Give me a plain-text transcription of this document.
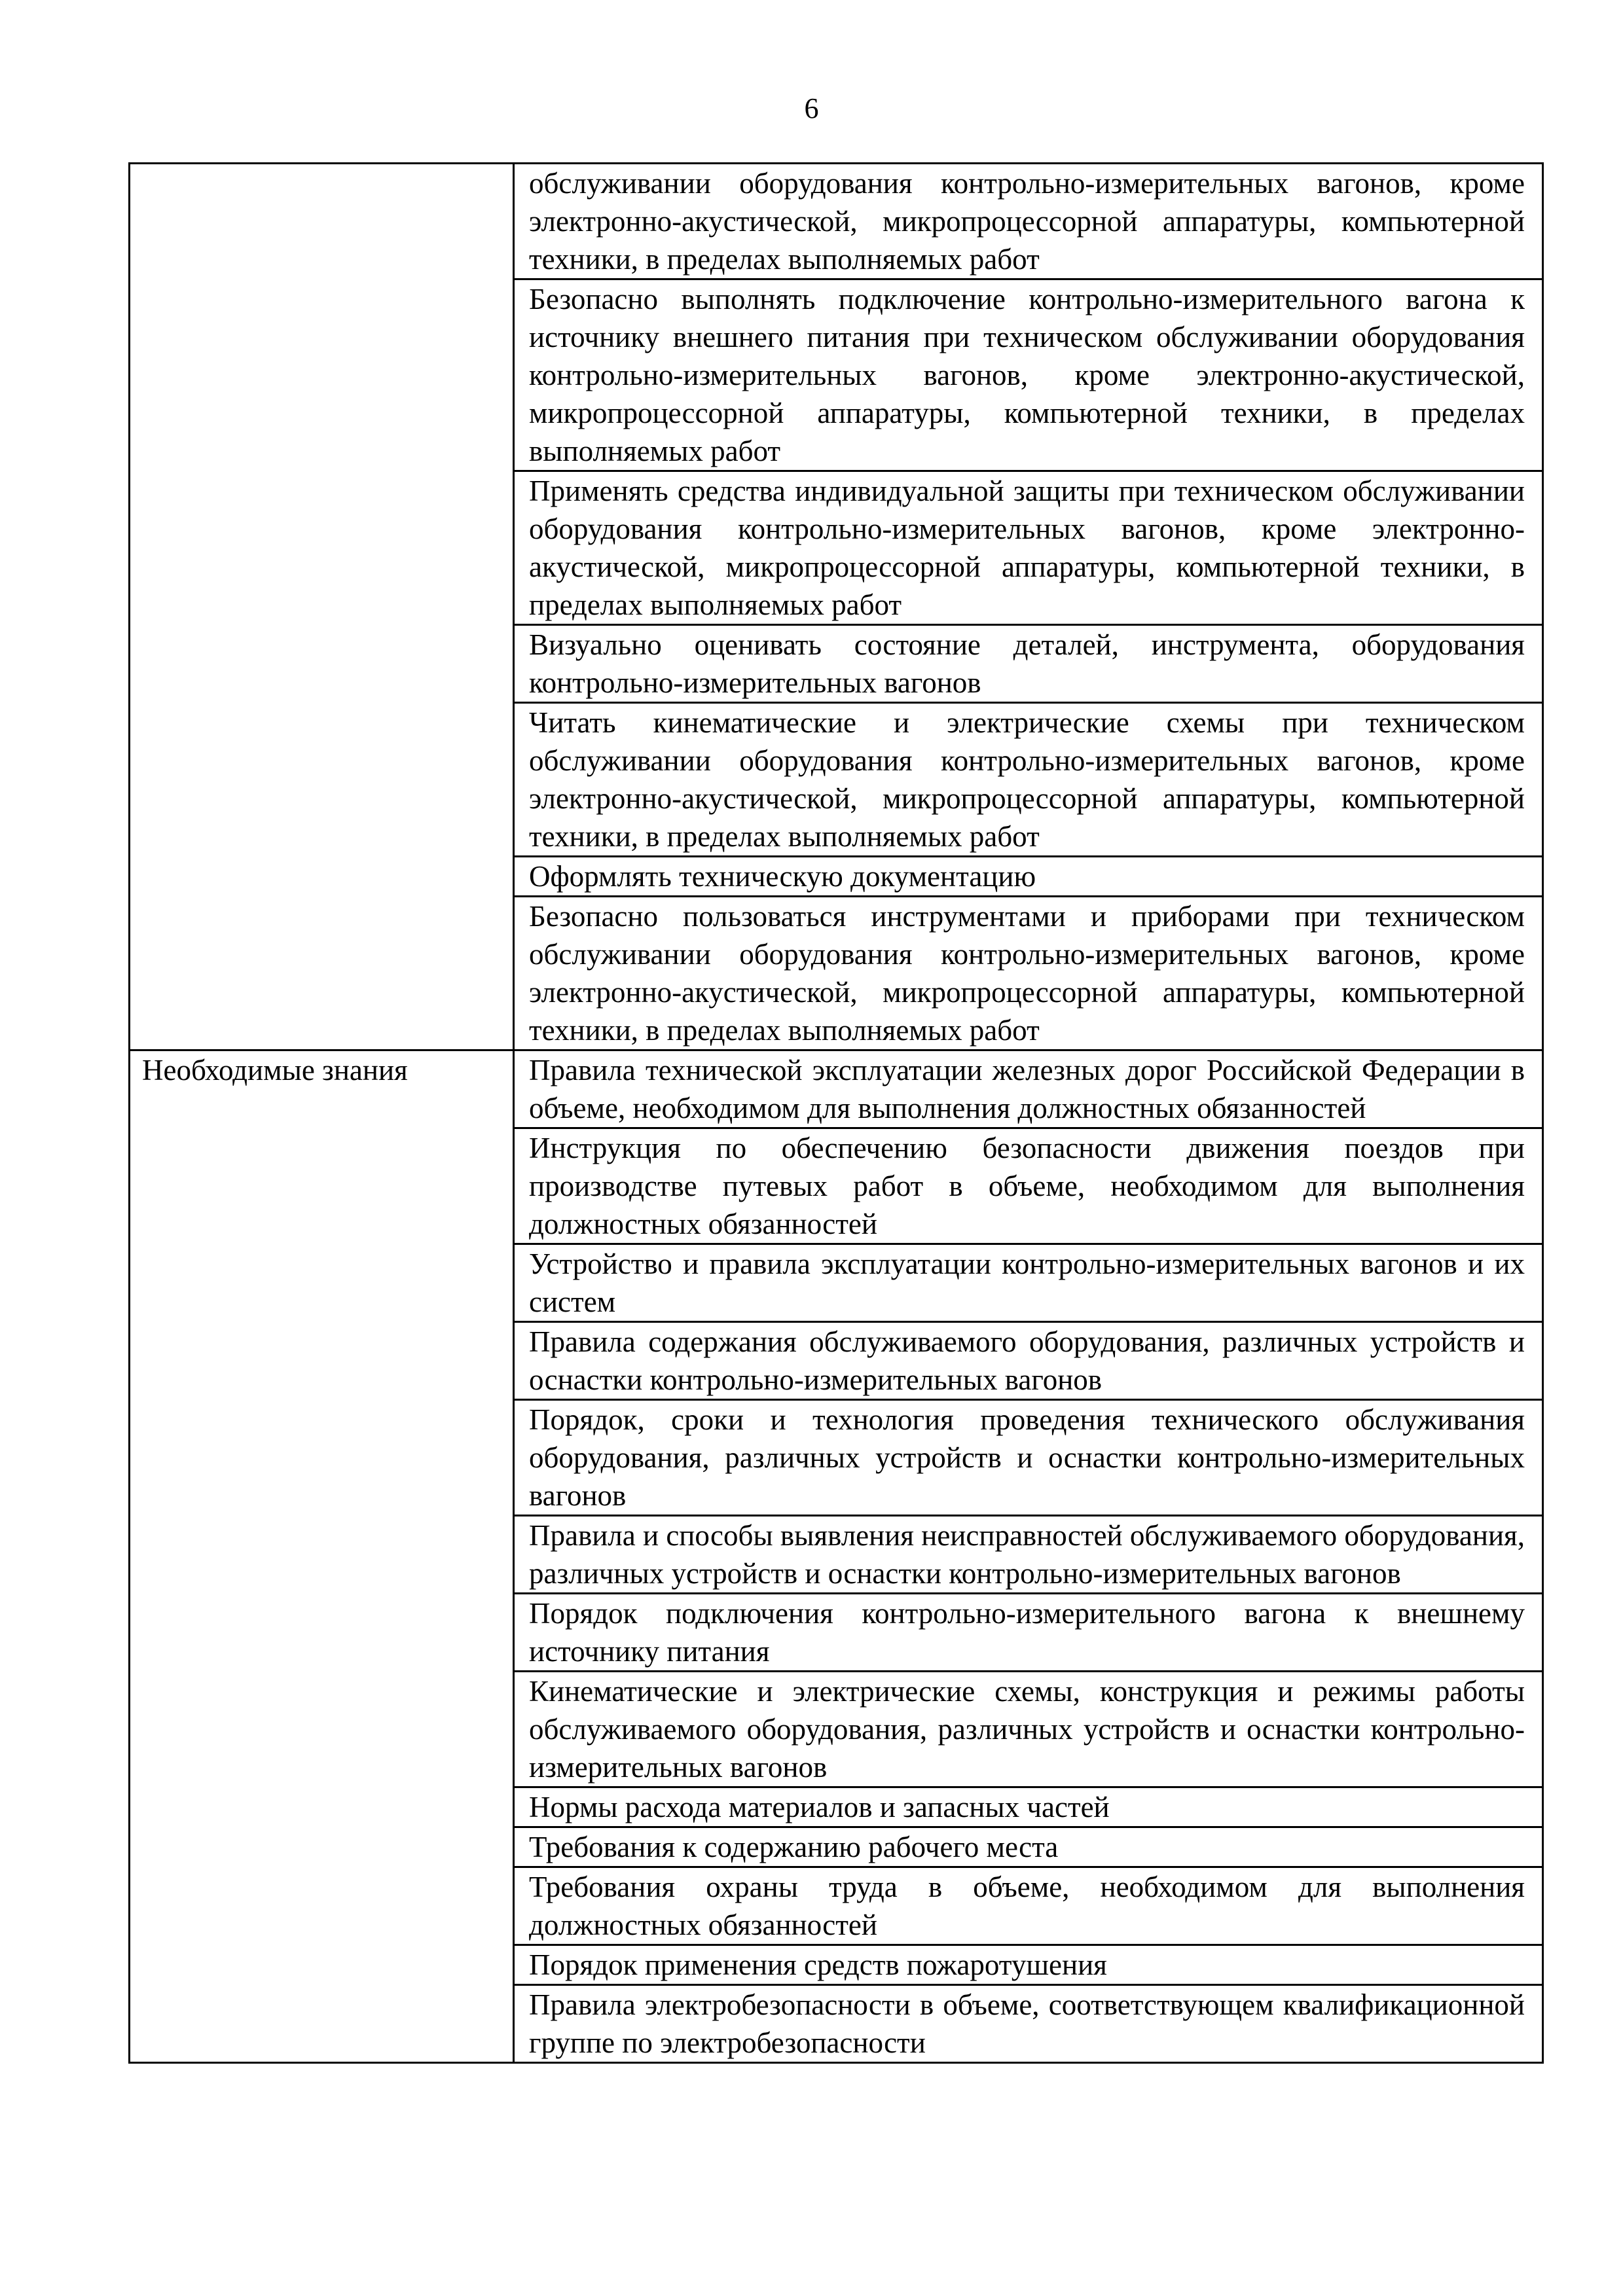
6
	обслуживании оборудования контрольно-измерительных вагонов, кроме электронно-акустической, микропроцессорной аппаратуры, компьютерной техники, в пределах выполняемых работ
	Безопасно выполнять подключение контрольно-измерительного вагона к источнику внешнего питания при техническом обслуживании оборудования контрольно-измерительных вагонов, кроме электронно-акустической, микропроцессорной аппаратуры, компьютерной техники, в пределах выполняемых работ
	Применять средства индивидуальной защиты при техническом обслуживании оборудования контрольно-измерительных вагонов, кроме электронно-акустической, микропроцессорной аппаратуры, компьютерной техники, в пределах выполняемых работ
	Визуально оценивать состояние деталей, инструмента, оборудования контрольно-измерительных вагонов
	Читать кинематические и электрические схемы при техническом обслуживании оборудования контрольно-измерительных вагонов, кроме электронно-акустической, микропроцессорной аппаратуры, компьютерной техники, в пределах выполняемых работ
	Оформлять техническую документацию
	Безопасно пользоваться инструментами и приборами при техническом обслуживании оборудования контрольно-измерительных вагонов, кроме электронно-акустической, микропроцессорной аппаратуры, компьютерной техники, в пределах выполняемых работ
Необходимые знания	Правила технической эксплуатации железных дорог Российской Федерации в объеме, необходимом для выполнения должностных обязанностей
	Инструкция по обеспечению безопасности движения поездов при производстве путевых работ в объеме, необходимом для выполнения должностных обязанностей
	Устройство и правила эксплуатации контрольно-измерительных вагонов и их систем
	Правила содержания обслуживаемого оборудования, различных устройств и оснастки контрольно-измерительных вагонов
	Порядок, сроки и технология проведения технического обслуживания оборудования, различных устройств и оснастки контрольно-измерительных вагонов
	Правила и способы выявления неисправностей обслуживаемого оборудования, различных устройств и оснастки контрольно-измерительных вагонов
	Порядок подключения контрольно-измерительного вагона к внешнему источнику питания
	Кинематические и электрические схемы, конструкция и режимы работы обслуживаемого оборудования, различных устройств и оснастки контрольно-измерительных вагонов
	Нормы расхода материалов и запасных частей
	Требования к содержанию рабочего места
	Требования охраны труда в объеме, необходимом для выполнения должностных обязанностей
	Порядок применения средств пожаротушения
	Правила электробезопасности в объеме, соответствующем квалификационной группе по электробезопасности
